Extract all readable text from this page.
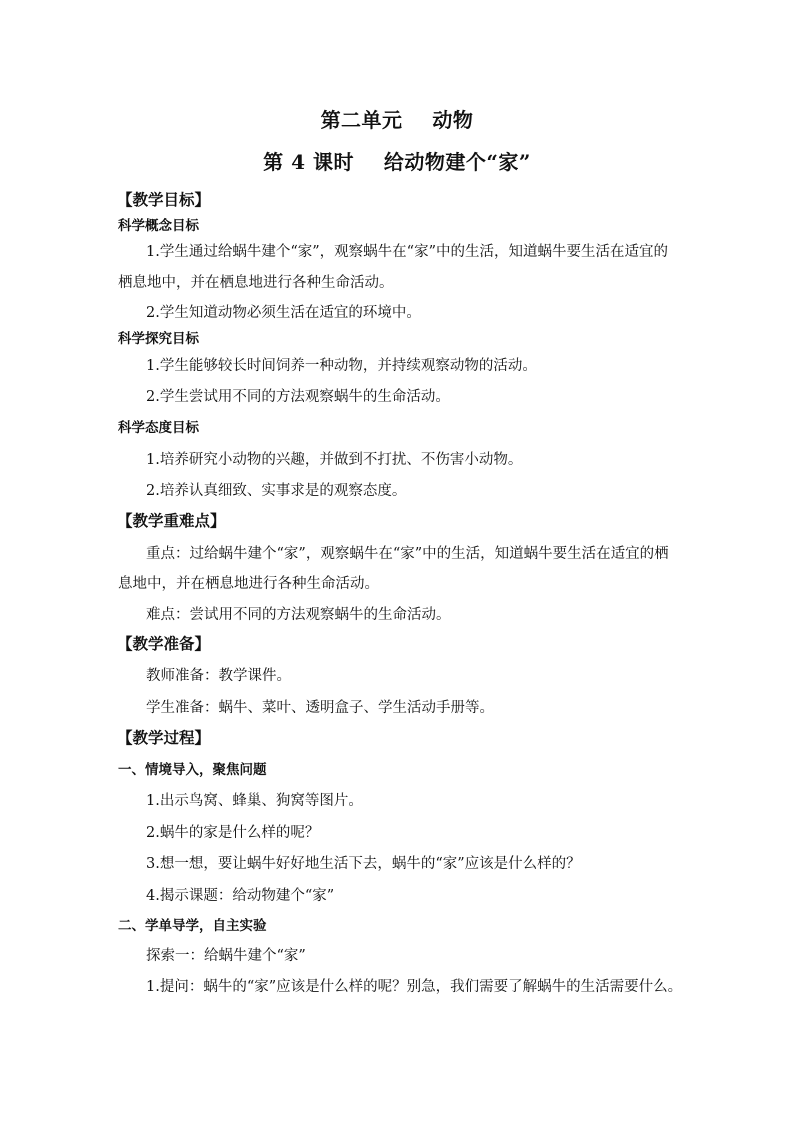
第二单元    动物
第 4 课时    给动物建个“家”
【教学目标】
科学概念目标
1.学生通过给蜗牛建个“家”，观察蜗牛在“家”中的生活，知道蜗牛要生活在适宜的
栖息地中，并在栖息地进行各种生命活动。
2.学生知道动物必须生活在适宜的环境中。
科学探究目标
1.学生能够较长时间饲养一种动物，并持续观察动物的活动。
2.学生尝试用不同的方法观察蜗牛的生命活动。
科学态度目标
1.培养研究小动物的兴趣，并做到不打扰、不伤害小动物。
2.培养认真细致、实事求是的观察态度。
【教学重难点】
重点：过给蜗牛建个“家”，观察蜗牛在“家”中的生活，知道蜗牛要生活在适宜的栖
息地中，并在栖息地进行各种生命活动。
难点：尝试用不同的方法观察蜗牛的生命活动。
【教学准备】
教师准备：教学课件。
学生准备：蜗牛、菜叶、透明盒子、学生活动手册等。
【教学过程】
一、情境导入，聚焦问题
1.出示鸟窝、蜂巢、狗窝等图片。
2.蜗牛的家是什么样的呢？
3.想一想，要让蜗牛好好地生活下去，蜗牛的“家”应该是什么样的？
4.揭示课题：给动物建个“家”
二、学单导学，自主实验
探索一：给蜗牛建个“家”
1.提问：蜗牛的“家”应该是什么样的呢？别急，我们需要了解蜗牛的生活需要什么。
